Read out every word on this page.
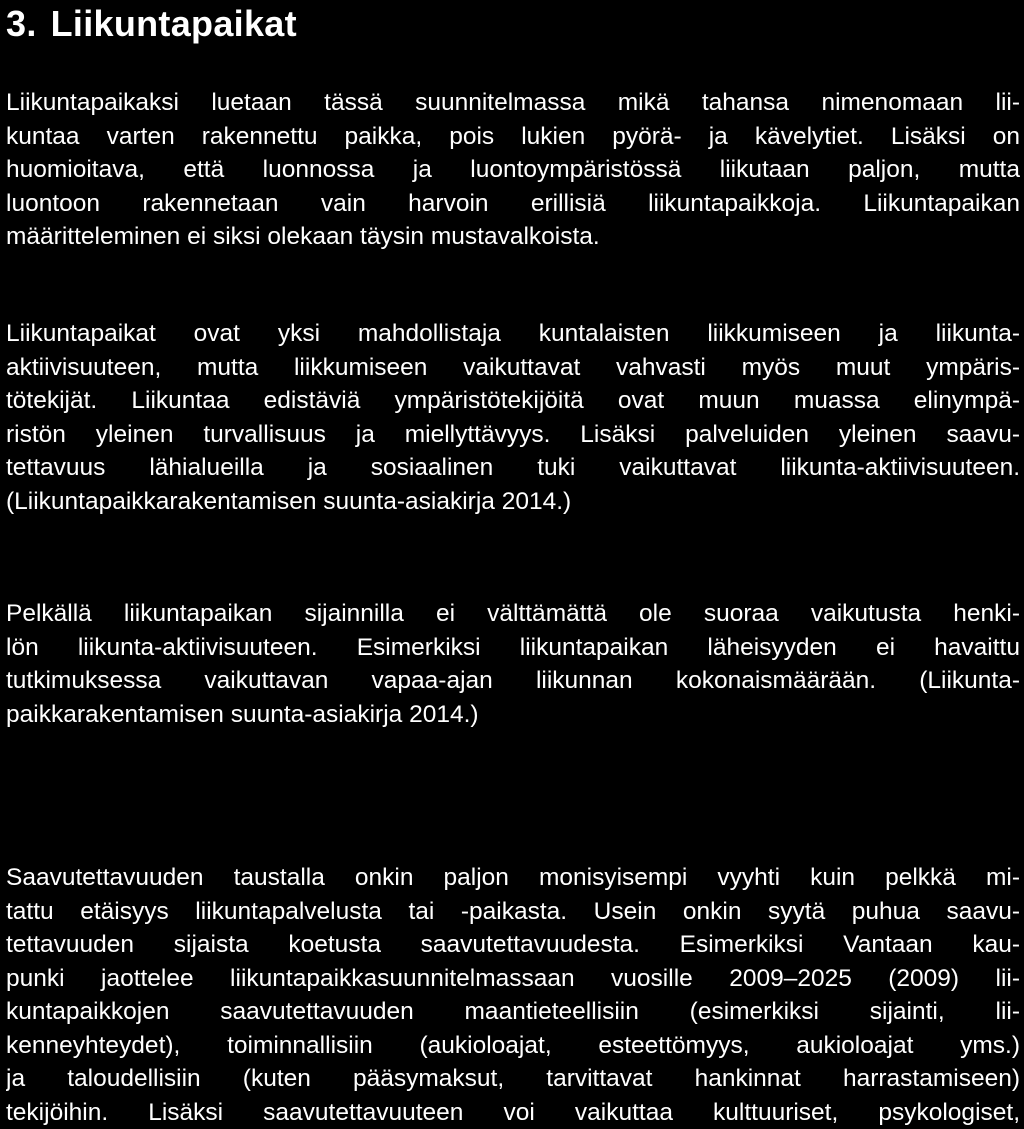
3. Liikuntapaikat

Liikuntapaikaksi luetaan tässä suunnitelmassa mikä tahansa nimenomaan lii-
kuntaa varten rakennettu paikka, pois lukien pyörä- ja kävelytiet. Lisäksi on
huomioitava, että luonnossa ja luontoympäristössä liikutaan paljon, mutta
luontoon rakennetaan vain harvoin erillisiä liikuntapaikkoja. Liikuntapaikan
määritteleminen ei siksi olekaan täysin mustavalkoista.

Liikuntapaikat ovat yksi mahdollistaja kuntalaisten liikkumiseen ja liikunta-
aktiivisuuteen, mutta liikkumiseen vaikuttavat vahvasti myös muut ympäris-
tötekijät. Liikuntaa edistäviä ympäristötekijöitä ovat muun muassa elinympä-
ristön yleinen turvallisuus ja miellyttävyys. Lisäksi palveluiden yleinen saavu-
tettavuus lähialueilla ja sosiaalinen tuki vaikuttavat liikunta-aktiivisuuteen.
(Liikuntapaikkarakentamisen suunta-asiakirja 2014.)

Pelkällä liikuntapaikan sijainnilla ei välttämättä ole suoraa vaikutusta henki-
lön liikunta-aktiivisuuteen. Esimerkiksi liikuntapaikan läheisyyden ei havaittu
tutkimuksessa vaikuttavan vapaa-ajan liikunnan kokonaismäärään. (Liikunta-
paikkarakentamisen suunta-asiakirja 2014.)

Saavutettavuuden taustalla onkin paljon monisyisempi vyyhti kuin pelkkä mi-
tattu etäisyys liikuntapalvelusta tai -paikasta. Usein onkin syytä puhua saavu-
tettavuuden sijaista koetusta saavutettavuudesta. Esimerkiksi Vantaan kau-
punki jaottelee liikuntapaikkasuunnitelmassaan vuosille 2009–2025 (2009) lii-
kuntapaikkojen saavutettavuuden maantieteellisiin (esimerkiksi sijainti, lii-
kenneyhteydet), toiminnallisiin (aukioloajat, esteettömyys, aukioloajat yms.)
ja taloudellisiin (kuten pääsymaksut, tarvittavat hankinnat harrastamiseen)
tekijöihin. Lisäksi saavutettavuuteen voi vaikuttaa kulttuuriset, psykologiset,
